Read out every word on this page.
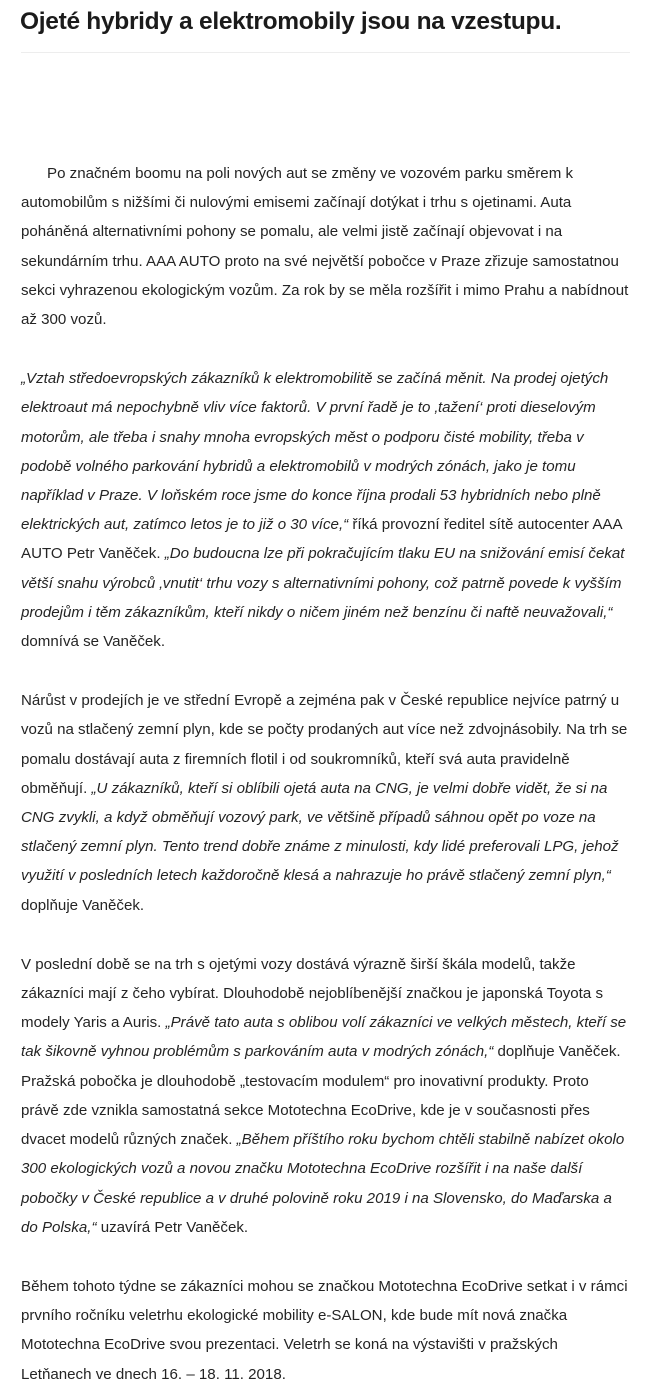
Ojeté hybridy a elektromobily jsou na vzestupu.

Po značném boomu na poli nových aut se změny ve vozovém parku směrem k automobilům s nižšími či nulovými emisemi začínají dotýkat i trhu s ojetinami. Auta poháněná alternativními pohony se pomalu, ale velmi jistě začínají objevovat i na sekundárním trhu. AAA AUTO proto na své největší pobočce v Praze zřizuje samostatnou sekci vyhrazenou ekologickým vozům. Za rok by se měla rozšířit i mimo Prahu a nabídnout až 300 vozů.

„Vztah středoevropských zákazníků k elektromobilitě se začíná měnit. Na prodej ojetých elektroaut má nepochybně vliv více faktorů. V první řadě je to ‚tažení‘ proti dieselovým motorům, ale třeba i snahy mnoha evropských měst o podporu čisté mobility, třeba v podobě volného parkování hybridů a elektromobilů v modrých zónách, jako je tomu například v Praze. V loňském roce jsme do konce října prodali 53 hybridních nebo plně elektrických aut, zatímco letos je to již o 30 více,“ říká provozní ředitel sítě autocenter AAA AUTO Petr Vaněček. „Do budoucna lze při pokračujícím tlaku EU na snižování emisí čekat větší snahu výrobců ‚vnutit‘ trhu vozy s alternativními pohony, což patrně povede k vyšším prodejům i těm zákazníkům, kteří nikdy o ničem jiném než benzínu či naftě neuvažovali,“ domnívá se Vaněček.

Nárůst v prodejích je ve střední Evropě a zejména pak v České republice nejvíce patrný u vozů na stlačený zemní plyn, kde se počty prodaných aut více než zdvojnásobily. Na trh se pomalu dostávají auta z firemních flotil i od soukromníků, kteří svá auta pravidelně obměňují. „U zákazníků, kteří si oblíbili ojetá auta na CNG, je velmi dobře vidět, že si na CNG zvykli, a když obměňují vozový park, ve většině případů sáhnou opět po voze na stlačený zemní plyn. Tento trend dobře známe z minulosti, kdy lidé preferovali LPG, jehož využití v posledních letech každoročně klesá a nahrazuje ho právě stlačený zemní plyn,“ doplňuje Vaněček.

V poslední době se na trh s ojetými vozy dostává výrazně širší škála modelů, takže zákazníci mají z čeho vybírat. Dlouhodobě nejoblíbenější značkou je japonská Toyota s modely Yaris a Auris. „Právě tato auta s oblibou volí zákazníci ve velkých městech, kteří se tak šikovně vyhnou problémům s parkováním auta v modrých zónách,“ doplňuje Vaněček. Pražská pobočka je dlouhodobě „testovacím modulem“ pro inovativní produkty. Proto právě zde vznikla samostatná sekce Mototechna EcoDrive, kde je v současnosti přes dvacet modelů různých značek. „Během příštího roku bychom chtěli stabilně nabízet okolo 300 ekologických vozů a novou značku Mototechna EcoDrive rozšířit i na naše další pobočky v České republice a v druhé polovině roku 2019 i na Slovensko, do Maďarska a do Polska,“ uzavírá Petr Vaněček.

Během tohoto týdne se zákazníci mohou se značkou Mototechna EcoDrive setkat i v rámci prvního ročníku veletrhu ekologické mobility e-SALON, kde bude mít nová značka Mototechna EcoDrive svou prezentaci. Veletrh se koná na výstavišti v pražských Letňanech ve dnech 16. – 18. 11. 2018.
